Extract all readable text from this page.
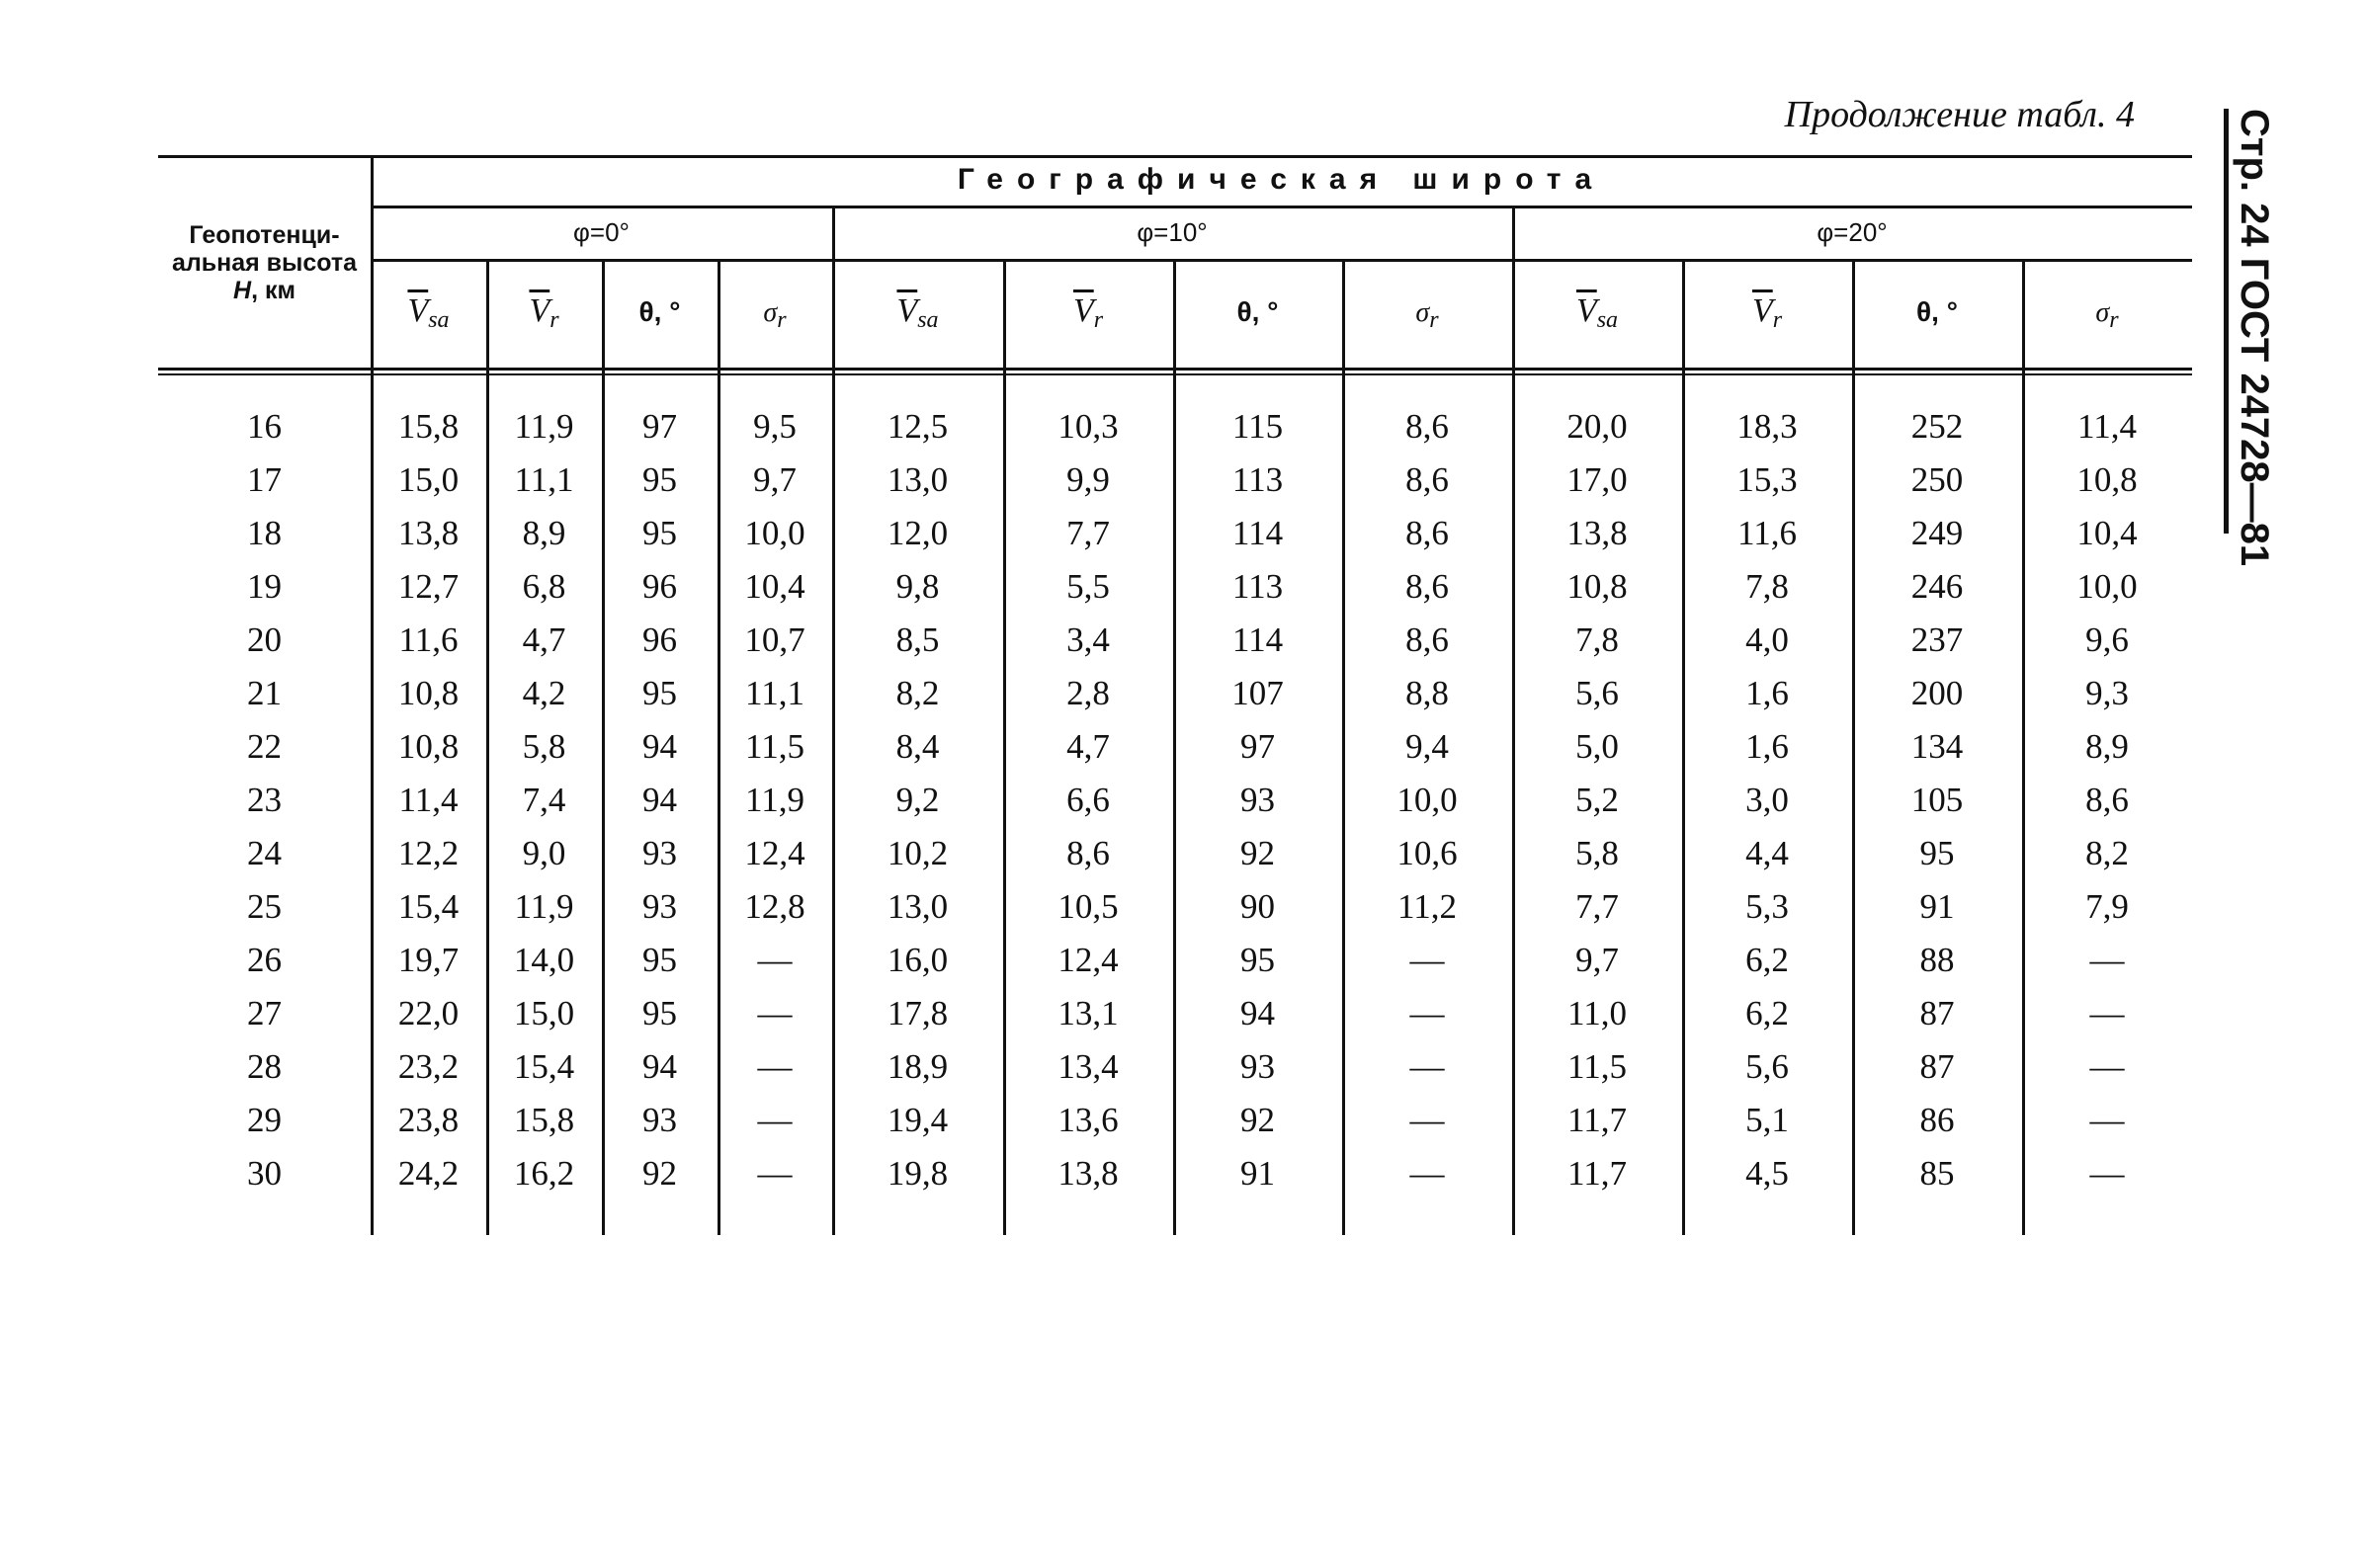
Продолжение табл. 4 Стр. 24 ГОСТ 24728—81
Геопотенци-
альная высота
H, км
Географическая широта
φ=0°	φ=10°	φ=20°
$\overline{V}_{sa}$	$\overline{V}_r$	θ, °	$\sigma_r$	$\overline{V}_{sa}$	$\overline{V}_r$	θ, °	$\sigma_r$	$\overline{V}_{sa}$	$\overline{V}_r$	θ, °	$\sigma_r$
16	15,8	11,9	97	9,5	12,5	10,3	115	8,6	20,0	18,3	252	11,4
17	15,0	11,1	95	9,7	13,0	9,9	113	8,6	17,0	15,3	250	10,8
18	13,8	8,9	95	10,0	12,0	7,7	114	8,6	13,8	11,6	249	10,4
19	12,7	6,8	96	10,4	9,8	5,5	113	8,6	10,8	7,8	246	10,0
20	11,6	4,7	96	10,7	8,5	3,4	114	8,6	7,8	4,0	237	9,6
21	10,8	4,2	95	11,1	8,2	2,8	107	8,8	5,6	1,6	200	9,3
22	10,8	5,8	94	11,5	8,4	4,7	97	9,4	5,0	1,6	134	8,9
23	11,4	7,4	94	11,9	9,2	6,6	93	10,0	5,2	3,0	105	8,6
24	12,2	9,0	93	12,4	10,2	8,6	92	10,6	5,8	4,4	95	8,2
25	15,4	11,9	93	12,8	13,0	10,5	90	11,2	7,7	5,3	91	7,9
26	19,7	14,0	95	—	16,0	12,4	95	—	9,7	6,2	88	—
27	22,0	15,0	95	—	17,8	13,1	94	—	11,0	6,2	87	—
28	23,2	15,4	94	—	18,9	13,4	93	—	11,5	5,6	87	—
29	23,8	15,8	93	—	19,4	13,6	92	—	11,7	5,1	86	—
30	24,2	16,2	92	—	19,8	13,8	91	—	11,7	4,5	85	—
